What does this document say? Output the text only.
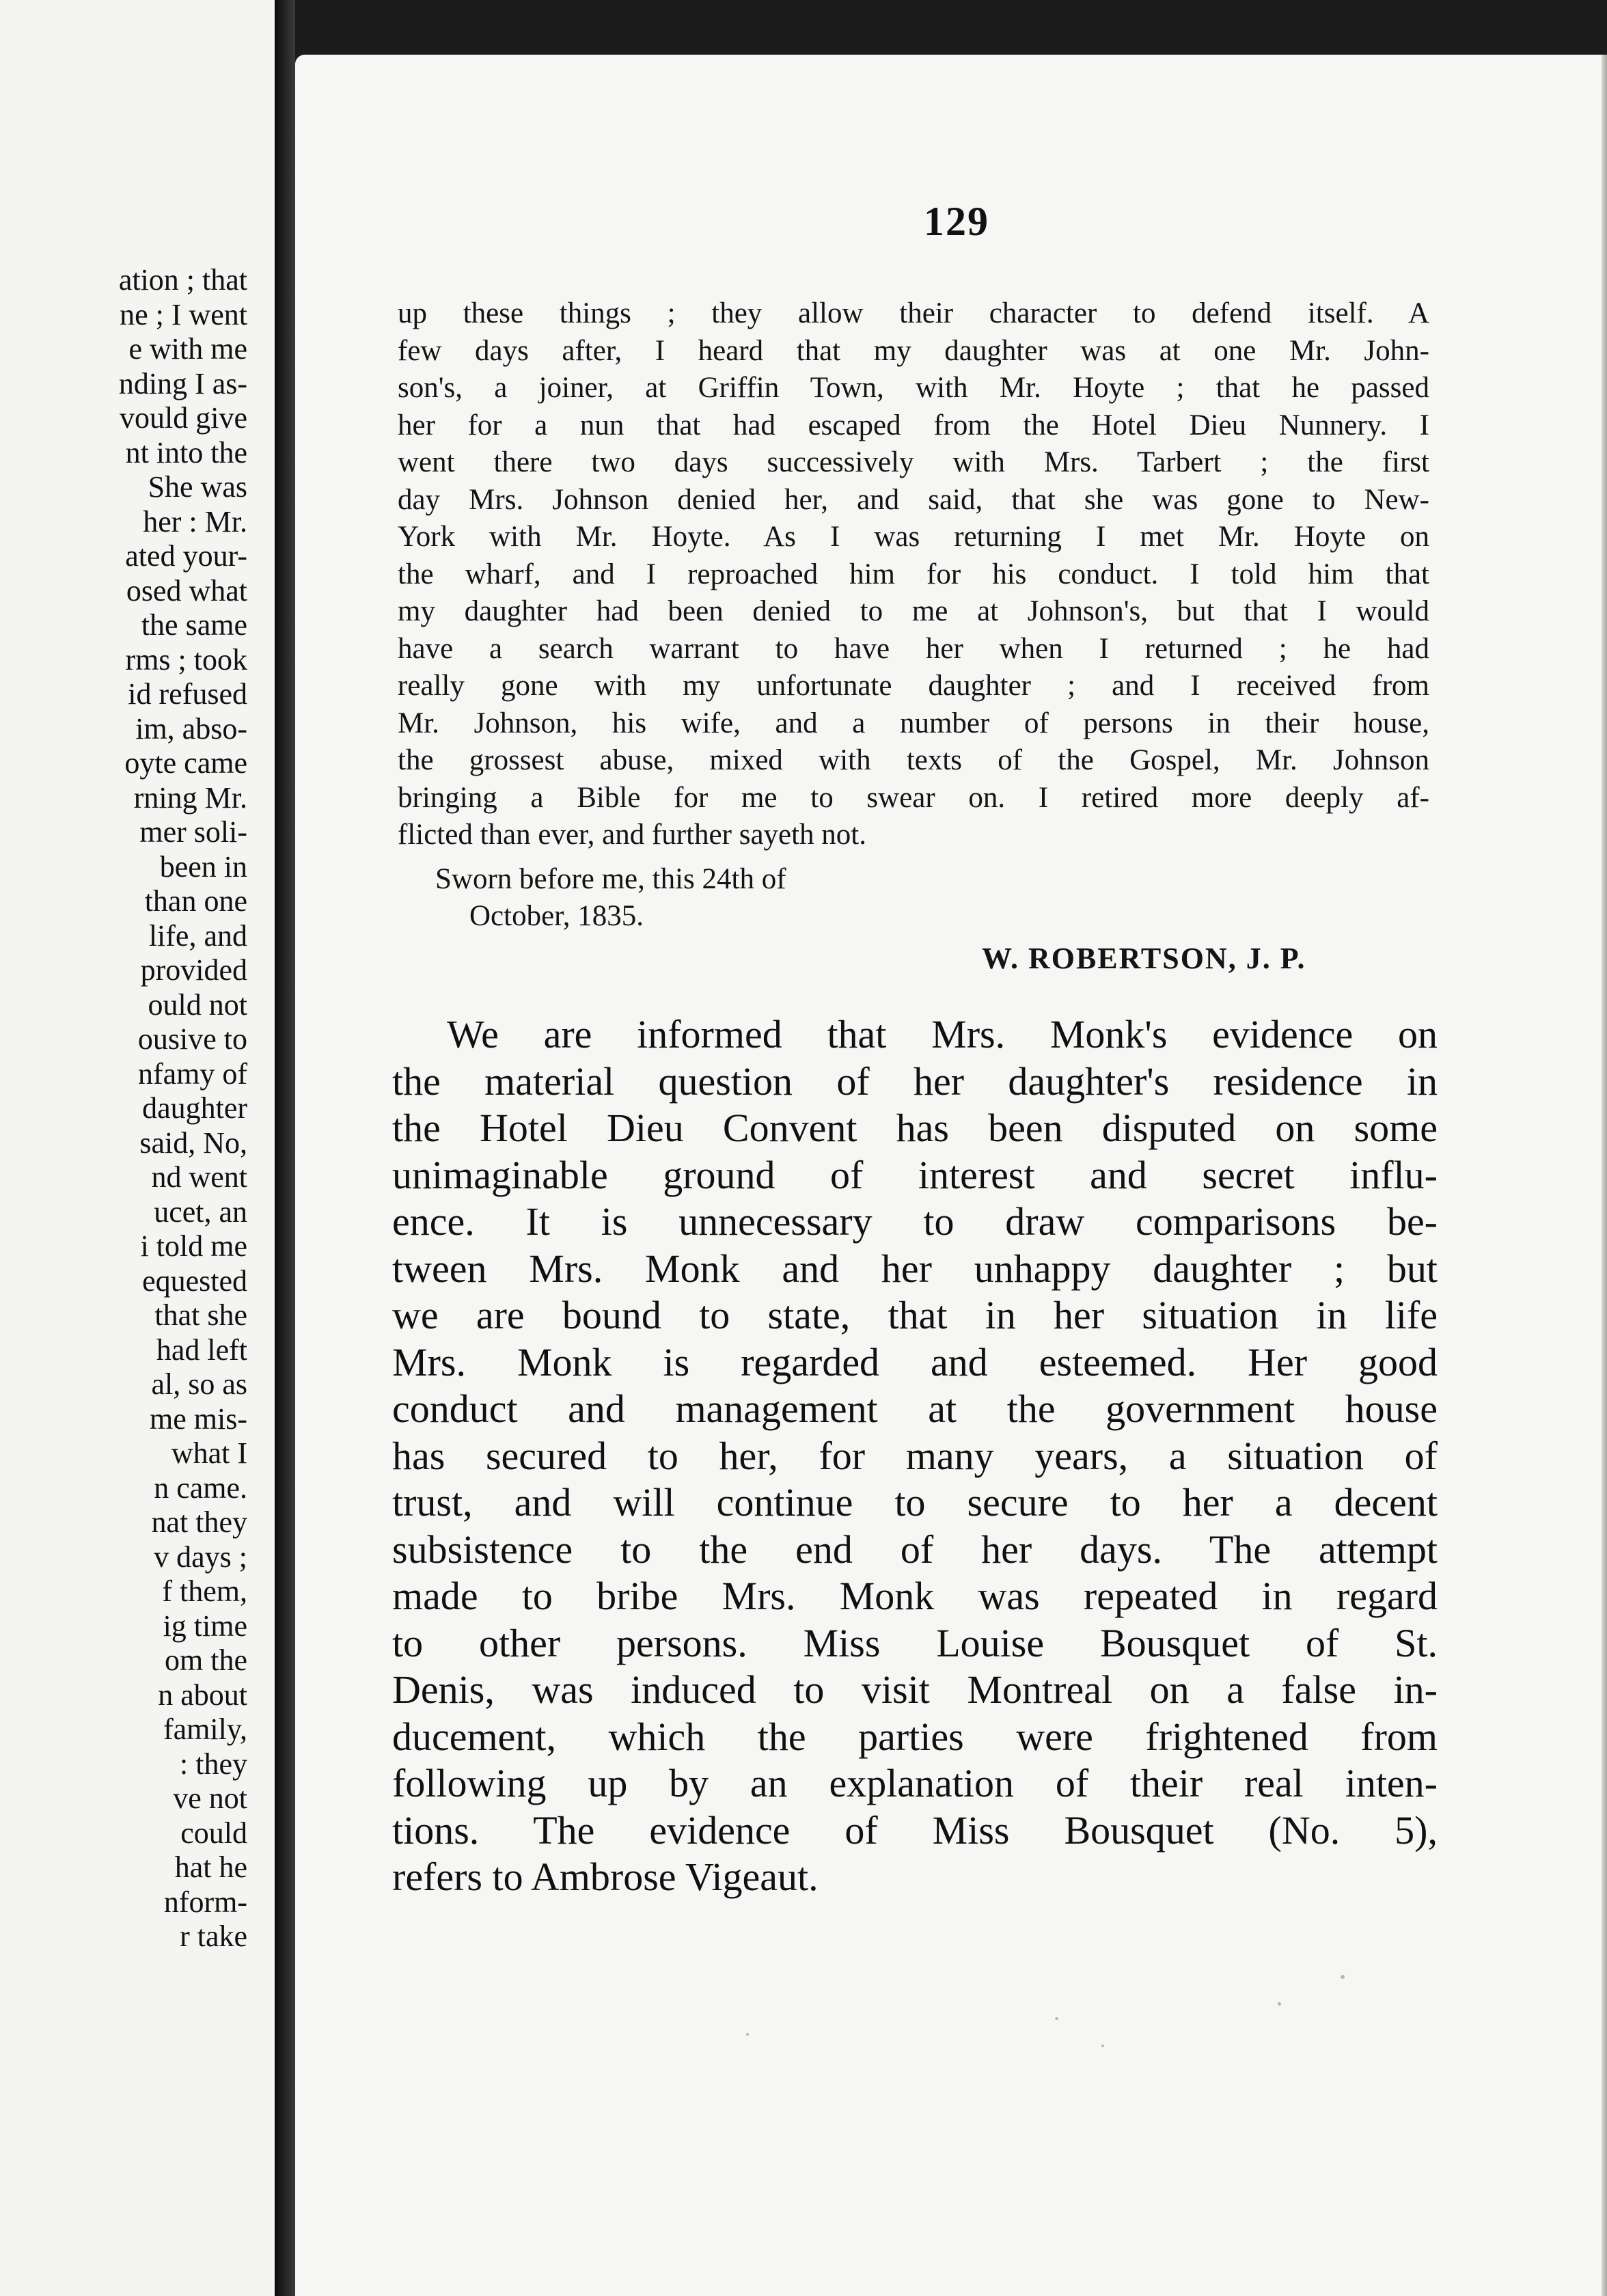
ation ; that
ne ; I went
e with me
nding I as-
vould give
nt into the
She was
her : Mr.
ated your-
osed what
the same
rms ; took
id refused
im, abso-
oyte came
rning Mr.
mer soli-
been in
than one
life, and
provided
ould not
ousive to
nfamy of
daughter
said, No,
nd went
ucet, an
i told me
equested
that she
had left
al, so as
me mis-
what I
n came.
nat they
v days ;
f them,
ig time
om the
n about
family,
: they
ve not
could
hat he
nform-
r take
129
up these things ; they allow their character to defend itself. A
few days after, I heard that my daughter was at one Mr. John-
son's, a joiner, at Griffin Town, with Mr. Hoyte ; that he passed
her for a nun that had escaped from the Hotel Dieu Nunnery. I
went there two days successively with Mrs. Tarbert ; the first
day Mrs. Johnson denied her, and said, that she was gone to New-
York with Mr. Hoyte. As I was returning I met Mr. Hoyte on
the wharf, and I reproached him for his conduct. I told him that
my daughter had been denied to me at Johnson's, but that I would
have a search warrant to have her when I returned ; he had
really gone with my unfortunate daughter ; and I received from
Mr. Johnson, his wife, and a number of persons in their house,
the grossest abuse, mixed with texts of the Gospel, Mr. Johnson
bringing a Bible for me to swear on. I retired more deeply af-
flicted than ever, and further sayeth not.
Sworn before me, this 24th of
October, 1835.
W. ROBERTSON, J. P.
We are informed that Mrs. Monk's evidence on
the material question of her daughter's residence in
the Hotel Dieu Convent has been disputed on some
unimaginable ground of interest and secret influ-
ence. It is unnecessary to draw comparisons be-
tween Mrs. Monk and her unhappy daughter ; but
we are bound to state, that in her situation in life
Mrs. Monk is regarded and esteemed. Her good
conduct and management at the government house
has secured to her, for many years, a situation of
trust, and will continue to secure to her a decent
subsistence to the end of her days. The attempt
made to bribe Mrs. Monk was repeated in regard
to other persons. Miss Louise Bousquet of St.
Denis, was induced to visit Montreal on a false in-
ducement, which the parties were frightened from
following up by an explanation of their real inten-
tions. The evidence of Miss Bousquet (No. 5),
refers to Ambrose Vigeaut.
